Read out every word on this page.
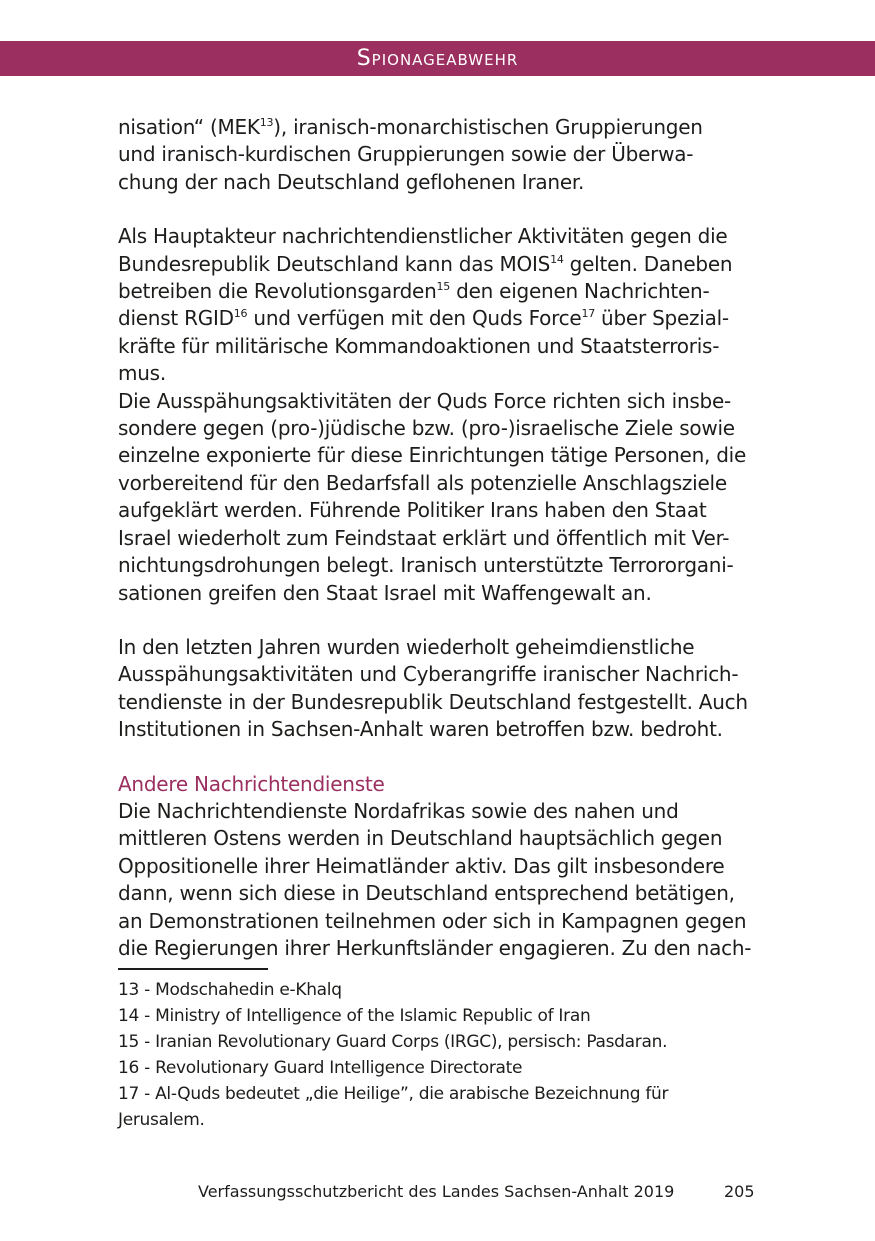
Spionageabwehr

nisation“ (MEK$^{13}$), iranisch-monarchistischen Gruppierungen
und iranisch-kurdischen Gruppierungen sowie der Überwa-
chung der nach Deutschland geflohenen Iraner.

Als Hauptakteur nachrichtendienstlicher Aktivitäten gegen die
Bundesrepublik Deutschland kann das MOIS$^{14}$ gelten. Daneben
betreiben die Revolutionsgarden$^{15}$ den eigenen Nachrichten-
dienst RGID$^{16}$ und verfügen mit den Quds Force$^{17}$ über Spezial-
kräfte für militärische Kommandoaktionen und Staatsterroris-
mus.

Die Ausspähungsaktivitäten der Quds Force richten sich insbe-
sondere gegen (pro-)jüdische bzw. (pro-)israelische Ziele sowie
einzelne exponierte für diese Einrichtungen tätige Personen, die
vorbereitend für den Bedarfsfall als potenzielle Anschlagsziele
aufgeklärt werden. Führende Politiker Irans haben den Staat
Israel wiederholt zum Feindstaat erklärt und öffentlich mit Ver-
nichtungsdrohungen belegt. Iranisch unterstützte Terrororgani-
sationen greifen den Staat Israel mit Waffengewalt an.

In den letzten Jahren wurden wiederholt geheimdienstliche
Ausspähungsaktivitäten und Cyberangriffe iranischer Nachrich-
tendienste in der Bundesrepublik Deutschland festgestellt. Auch
Institutionen in Sachsen-Anhalt waren betroffen bzw. bedroht.

Andere Nachrichtendienste

Die Nachrichtendienste Nordafrikas sowie des nahen und
mittleren Ostens werden in Deutschland hauptsächlich gegen
Oppositionelle ihrer Heimatländer aktiv. Das gilt insbesondere
dann, wenn sich diese in Deutschland entsprechend betätigen,
an Demonstrationen teilnehmen oder sich in Kampagnen gegen
die Regierungen ihrer Herkunftsländer engagieren. Zu den nach-

13 - Modschahedin e-Khalq

14 - Ministry of Intelligence of the Islamic Republic of Iran

15 - Iranian Revolutionary Guard Corps (IRGC), persisch: Pasdaran.

16 - Revolutionary Guard Intelligence Directorate

17 - Al-Quds bedeutet „die Heilige”, die arabische Bezeichnung für
Jerusalem.

Verfassungsschutzbericht des Landes Sachsen-Anhalt 2019	205
